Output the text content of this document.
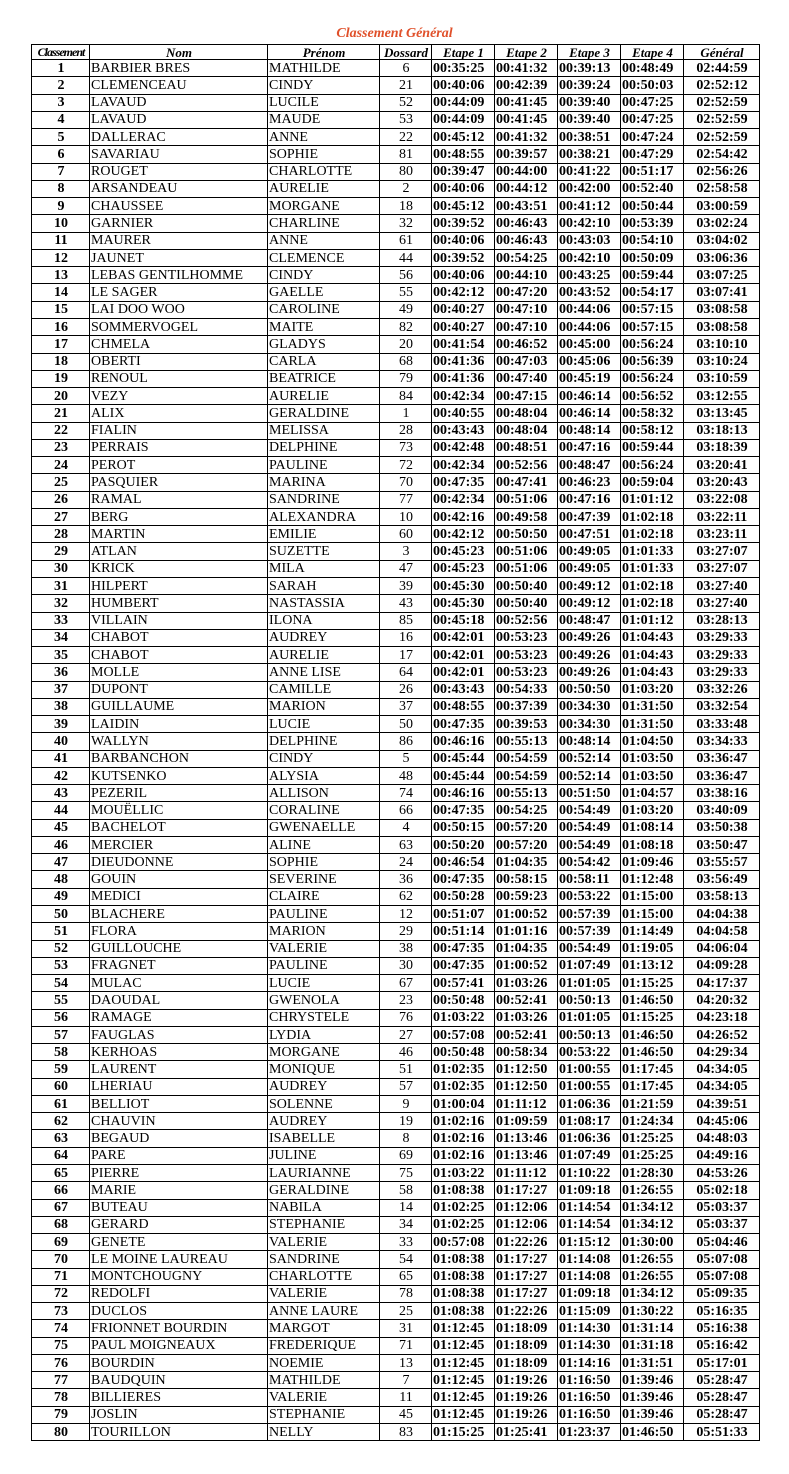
Classement Général
Classement	Nom	Prénom	Dossard	Etape 1	Etape 2	Etape 3	Etape 4	Général
1	BARBIER BRES	MATHILDE	6	00:35:25	00:41:32	00:39:13	00:48:49	02:44:59
2	CLEMENCEAU	CINDY	21	00:40:06	00:42:39	00:39:24	00:50:03	02:52:12
3	LAVAUD	LUCILE	52	00:44:09	00:41:45	00:39:40	00:47:25	02:52:59
4	LAVAUD	MAUDE	53	00:44:09	00:41:45	00:39:40	00:47:25	02:52:59
5	DALLERAC	ANNE	22	00:45:12	00:41:32	00:38:51	00:47:24	02:52:59
6	SAVARIAU	SOPHIE	81	00:48:55	00:39:57	00:38:21	00:47:29	02:54:42
7	ROUGET	CHARLOTTE	80	00:39:47	00:44:00	00:41:22	00:51:17	02:56:26
8	ARSANDEAU	AURELIE	2	00:40:06	00:44:12	00:42:00	00:52:40	02:58:58
9	CHAUSSEE	MORGANE	18	00:45:12	00:43:51	00:41:12	00:50:44	03:00:59
10	GARNIER	CHARLINE	32	00:39:52	00:46:43	00:42:10	00:53:39	03:02:24
11	MAURER	ANNE	61	00:40:06	00:46:43	00:43:03	00:54:10	03:04:02
12	JAUNET	CLEMENCE	44	00:39:52	00:54:25	00:42:10	00:50:09	03:06:36
13	LEBAS GENTILHOMME	CINDY	56	00:40:06	00:44:10	00:43:25	00:59:44	03:07:25
14	LE SAGER	GAELLE	55	00:42:12	00:47:20	00:43:52	00:54:17	03:07:41
15	LAI DOO WOO	CAROLINE	49	00:40:27	00:47:10	00:44:06	00:57:15	03:08:58
16	SOMMERVOGEL	MAITE	82	00:40:27	00:47:10	00:44:06	00:57:15	03:08:58
17	CHMELA	GLADYS	20	00:41:54	00:46:52	00:45:00	00:56:24	03:10:10
18	OBERTI	CARLA	68	00:41:36	00:47:03	00:45:06	00:56:39	03:10:24
19	RENOUL	BEATRICE	79	00:41:36	00:47:40	00:45:19	00:56:24	03:10:59
20	VEZY	AURELIE	84	00:42:34	00:47:15	00:46:14	00:56:52	03:12:55
21	ALIX	GERALDINE	1	00:40:55	00:48:04	00:46:14	00:58:32	03:13:45
22	FIALIN	MELISSA	28	00:43:43	00:48:04	00:48:14	00:58:12	03:18:13
23	PERRAIS	DELPHINE	73	00:42:48	00:48:51	00:47:16	00:59:44	03:18:39
24	PEROT	PAULINE	72	00:42:34	00:52:56	00:48:47	00:56:24	03:20:41
25	PASQUIER	MARINA	70	00:47:35	00:47:41	00:46:23	00:59:04	03:20:43
26	RAMAL	SANDRINE	77	00:42:34	00:51:06	00:47:16	01:01:12	03:22:08
27	BERG	ALEXANDRA	10	00:42:16	00:49:58	00:47:39	01:02:18	03:22:11
28	MARTIN	EMILIE	60	00:42:12	00:50:50	00:47:51	01:02:18	03:23:11
29	ATLAN	SUZETTE	3	00:45:23	00:51:06	00:49:05	01:01:33	03:27:07
30	KRICK	MILA	47	00:45:23	00:51:06	00:49:05	01:01:33	03:27:07
31	HILPERT	SARAH	39	00:45:30	00:50:40	00:49:12	01:02:18	03:27:40
32	HUMBERT	NASTASSIA	43	00:45:30	00:50:40	00:49:12	01:02:18	03:27:40
33	VILLAIN	ILONA	85	00:45:18	00:52:56	00:48:47	01:01:12	03:28:13
34	CHABOT	AUDREY	16	00:42:01	00:53:23	00:49:26	01:04:43	03:29:33
35	CHABOT	AURELIE	17	00:42:01	00:53:23	00:49:26	01:04:43	03:29:33
36	MOLLE	ANNE LISE	64	00:42:01	00:53:23	00:49:26	01:04:43	03:29:33
37	DUPONT	CAMILLE	26	00:43:43	00:54:33	00:50:50	01:03:20	03:32:26
38	GUILLAUME	MARION	37	00:48:55	00:37:39	00:34:30	01:31:50	03:32:54
39	LAIDIN	LUCIE	50	00:47:35	00:39:53	00:34:30	01:31:50	03:33:48
40	WALLYN	DELPHINE	86	00:46:16	00:55:13	00:48:14	01:04:50	03:34:33
41	BARBANCHON	CINDY	5	00:45:44	00:54:59	00:52:14	01:03:50	03:36:47
42	KUTSENKO	ALYSIA	48	00:45:44	00:54:59	00:52:14	01:03:50	03:36:47
43	PEZERIL	ALLISON	74	00:46:16	00:55:13	00:51:50	01:04:57	03:38:16
44	MOUËLLIC	CORALINE	66	00:47:35	00:54:25	00:54:49	01:03:20	03:40:09
45	BACHELOT	GWENAELLE	4	00:50:15	00:57:20	00:54:49	01:08:14	03:50:38
46	MERCIER	ALINE	63	00:50:20	00:57:20	00:54:49	01:08:18	03:50:47
47	DIEUDONNE	SOPHIE	24	00:46:54	01:04:35	00:54:42	01:09:46	03:55:57
48	GOUIN	SEVERINE	36	00:47:35	00:58:15	00:58:11	01:12:48	03:56:49
49	MEDICI	CLAIRE	62	00:50:28	00:59:23	00:53:22	01:15:00	03:58:13
50	BLACHERE	PAULINE	12	00:51:07	01:00:52	00:57:39	01:15:00	04:04:38
51	FLORA	MARION	29	00:51:14	01:01:16	00:57:39	01:14:49	04:04:58
52	GUILLOUCHE	VALERIE	38	00:47:35	01:04:35	00:54:49	01:19:05	04:06:04
53	FRAGNET	PAULINE	30	00:47:35	01:00:52	01:07:49	01:13:12	04:09:28
54	MULAC	LUCIE	67	00:57:41	01:03:26	01:01:05	01:15:25	04:17:37
55	DAOUDAL	GWENOLA	23	00:50:48	00:52:41	00:50:13	01:46:50	04:20:32
56	RAMAGE	CHRYSTELE	76	01:03:22	01:03:26	01:01:05	01:15:25	04:23:18
57	FAUGLAS	LYDIA	27	00:57:08	00:52:41	00:50:13	01:46:50	04:26:52
58	KERHOAS	MORGANE	46	00:50:48	00:58:34	00:53:22	01:46:50	04:29:34
59	LAURENT	MONIQUE	51	01:02:35	01:12:50	01:00:55	01:17:45	04:34:05
60	LHERIAU	AUDREY	57	01:02:35	01:12:50	01:00:55	01:17:45	04:34:05
61	BELLIOT	SOLENNE	9	01:00:04	01:11:12	01:06:36	01:21:59	04:39:51
62	CHAUVIN	AUDREY	19	01:02:16	01:09:59	01:08:17	01:24:34	04:45:06
63	BEGAUD	ISABELLE	8	01:02:16	01:13:46	01:06:36	01:25:25	04:48:03
64	PARE	JULINE	69	01:02:16	01:13:46	01:07:49	01:25:25	04:49:16
65	PIERRE	LAURIANNE	75	01:03:22	01:11:12	01:10:22	01:28:30	04:53:26
66	MARIE	GERALDINE	58	01:08:38	01:17:27	01:09:18	01:26:55	05:02:18
67	BUTEAU	NABILA	14	01:02:25	01:12:06	01:14:54	01:34:12	05:03:37
68	GERARD	STEPHANIE	34	01:02:25	01:12:06	01:14:54	01:34:12	05:03:37
69	GENETE	VALERIE	33	00:57:08	01:22:26	01:15:12	01:30:00	05:04:46
70	LE MOINE LAUREAU	SANDRINE	54	01:08:38	01:17:27	01:14:08	01:26:55	05:07:08
71	MONTCHOUGNY	CHARLOTTE	65	01:08:38	01:17:27	01:14:08	01:26:55	05:07:08
72	REDOLFI	VALERIE	78	01:08:38	01:17:27	01:09:18	01:34:12	05:09:35
73	DUCLOS	ANNE LAURE	25	01:08:38	01:22:26	01:15:09	01:30:22	05:16:35
74	FRIONNET BOURDIN	MARGOT	31	01:12:45	01:18:09	01:14:30	01:31:14	05:16:38
75	PAUL MOIGNEAUX	FREDERIQUE	71	01:12:45	01:18:09	01:14:30	01:31:18	05:16:42
76	BOURDIN	NOEMIE	13	01:12:45	01:18:09	01:14:16	01:31:51	05:17:01
77	BAUDQUIN	MATHILDE	7	01:12:45	01:19:26	01:16:50	01:39:46	05:28:47
78	BILLIERES	VALERIE	11	01:12:45	01:19:26	01:16:50	01:39:46	05:28:47
79	JOSLIN	STEPHANIE	45	01:12:45	01:19:26	01:16:50	01:39:46	05:28:47
80	TOURILLON	NELLY	83	01:15:25	01:25:41	01:23:37	01:46:50	05:51:33
